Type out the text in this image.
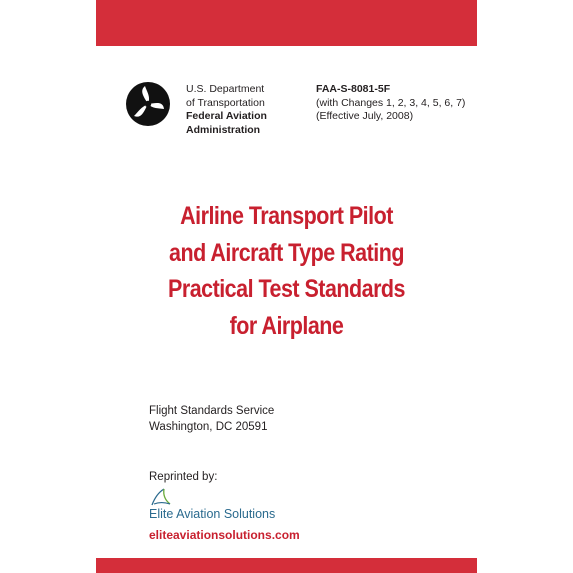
U.S. Department
of Transportation
Federal Aviation
Administration
FAA-S-8081-5F
(with Changes 1, 2, 3, 4, 5, 6, 7)
(Effective July, 2008)
Airline Transport Pilot
and Aircraft Type Rating
Practical Test Standards
for Airplane
Flight Standards Service
Washington, DC 20591
Reprinted by:
Elite Aviation Solutions
eliteaviationsolutions.com
